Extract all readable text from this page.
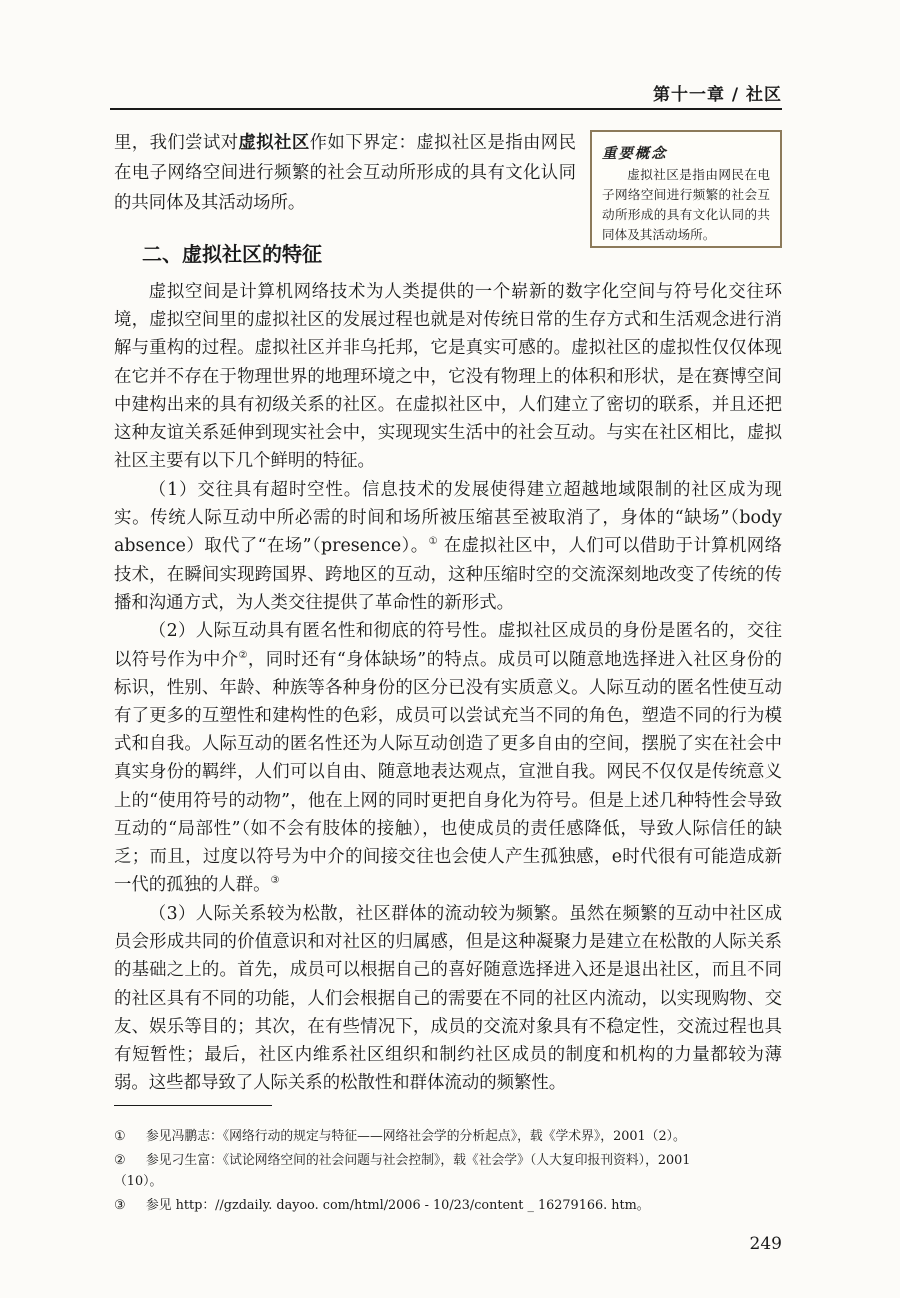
第十一章 / 社区

里，我们尝试对虚拟社区作如下界定：虚拟社区是指由网民在电子网络空间进行频繁的社会互动所形成的具有文化认同的共同体及其活动场所。

重要概念

虚拟社区是指由网民在电子网络空间进行频繁的社会互动所形成的具有文化认同的共同体及其活动场所。

二、虚拟社区的特征

虚拟空间是计算机网络技术为人类提供的一个崭新的数字化空间与符号化交往环境，虚拟空间里的虚拟社区的发展过程也就是对传统日常的生存方式和生活观念进行消解与重构的过程。虚拟社区并非乌托邦，它是真实可感的。虚拟社区的虚拟性仅仅体现在它并不存在于物理世界的地理环境之中，它没有物理上的体积和形状，是在赛博空间中建构出来的具有初级关系的社区。在虚拟社区中，人们建立了密切的联系，并且还把这种友谊关系延伸到现实社会中，实现现实生活中的社会互动。与实在社区相比，虚拟社区主要有以下几个鲜明的特征。

（1）交往具有超时空性。信息技术的发展使得建立超越地域限制的社区成为现实。传统人际互动中所必需的时间和场所被压缩甚至被取消了，身体的“缺场”（body absence）取代了“在场”（presence）。① 在虚拟社区中，人们可以借助于计算机网络技术，在瞬间实现跨国界、跨地区的互动，这种压缩时空的交流深刻地改变了传统的传播和沟通方式，为人类交往提供了革命性的新形式。

（2）人际互动具有匿名性和彻底的符号性。虚拟社区成员的身份是匿名的，交往以符号作为中介②，同时还有“身体缺场”的特点。成员可以随意地选择进入社区身份的标识，性别、年龄、种族等各种身份的区分已没有实质意义。人际互动的匿名性使互动有了更多的互塑性和建构性的色彩，成员可以尝试充当不同的角色，塑造不同的行为模式和自我。人际互动的匿名性还为人际互动创造了更多自由的空间，摆脱了实在社会中真实身份的羁绊，人们可以自由、随意地表达观点，宣泄自我。网民不仅仅是传统意义上的“使用符号的动物”，他在上网的同时更把自身化为符号。但是上述几种特性会导致互动的“局部性”（如不会有肢体的接触），也使成员的责任感降低，导致人际信任的缺乏；而且，过度以符号为中介的间接交往也会使人产生孤独感，e时代很有可能造成新一代的孤独的人群。③

（3）人际关系较为松散，社区群体的流动较为频繁。虽然在频繁的互动中社区成员会形成共同的价值意识和对社区的归属感，但是这种凝聚力是建立在松散的人际关系的基础之上的。首先，成员可以根据自己的喜好随意选择进入还是退出社区，而且不同的社区具有不同的功能，人们会根据自己的需要在不同的社区内流动，以实现购物、交友、娱乐等目的；其次，在有些情况下，成员的交流对象具有不稳定性，交流过程也具有短暂性；最后，社区内维系社区组织和制约社区成员的制度和机构的力量都较为薄弱。这些都导致了人际关系的松散性和群体流动的频繁性。

①	参见冯鹏志：《网络行动的规定与特征——网络社会学的分析起点》，载《学术界》，2001（2）。
②	参见刁生富：《试论网络空间的社会问题与社会控制》，载《社会学》（人大复印报刊资料），2001
（10）。
③	参见 http：//gzdaily. dayoo. com/html/2006 - 10/23/content _ 16279166. htm。
249
